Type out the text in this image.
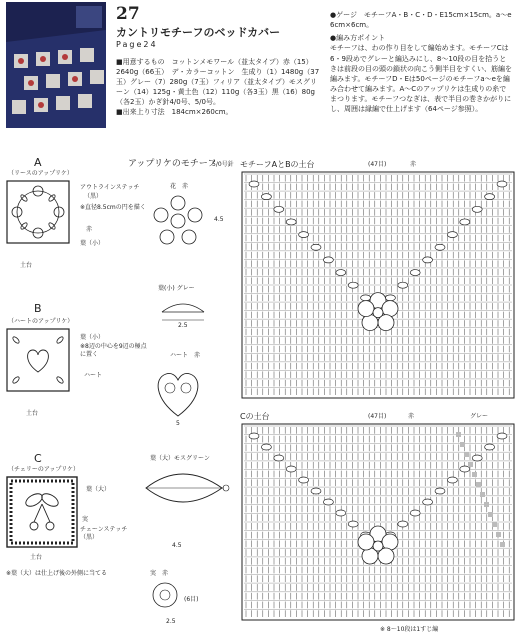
27
カントリモチーフのベッドカバー
Page24
■用意するもの　コットンメモワール（並太タイプ）赤（15）2640g（66玉）　デ・カラーコットン　生成り（1）1480g（37玉）グレー（7）280g（7玉）フィリア（並太タイプ）モスグリーン（14）125g・黄土色（12）110g（各3玉）黒（16）80g（各2玉）かぎ針4/0号、5/0号。
■出来上り寸法　184cm×260cm。
●ゲージ　モチーフA・B・C・D・E15cm×15cm。a～e 6cm×6cm。
●編み方ポイント
モチーフは、わの作り目をして編始めます。モチーフCは6・9段めでグレーと編込みにし、8～10段の目を拾うときは前段の目の頭の鎖状の向こう側半目をすくい、筋編を編みます。モチーフD・Eは50ページのモチーフa～eを編み合わせて編みます。A～Cのアップリケは生成りの糸でまつります。モチーフつなぎは、表で半目の巻きかがりにし、周囲は縁編で仕上げます（64ページ参照）。
A
（リースのアップリケ）
アウトラインステッチ
（黒）
※直径8.5cmの円を描く
赤
葉（小）
土台
B
（ハートのアップリケ）
葉（小）
※8辺の中心を9辺の極点に置く
ハート
土台
C
（チェリーのアップリケ）
葉（大）
実
チェーンステッチ（黒）
土台
※葉（大）は仕上げ後の外側に当てる
アップリケのモチーフ
5/0号針
花　赤
4.5
葉(小) グレー
2.5
ハート　赤
5
葉（大）モスグリーン
4.5
実　赤
(6目)
2.5
モチーフAとBの土台	(47目)	赤
Cの土台	(47目)	赤	グレー
※ 8～10段は1すじ編
